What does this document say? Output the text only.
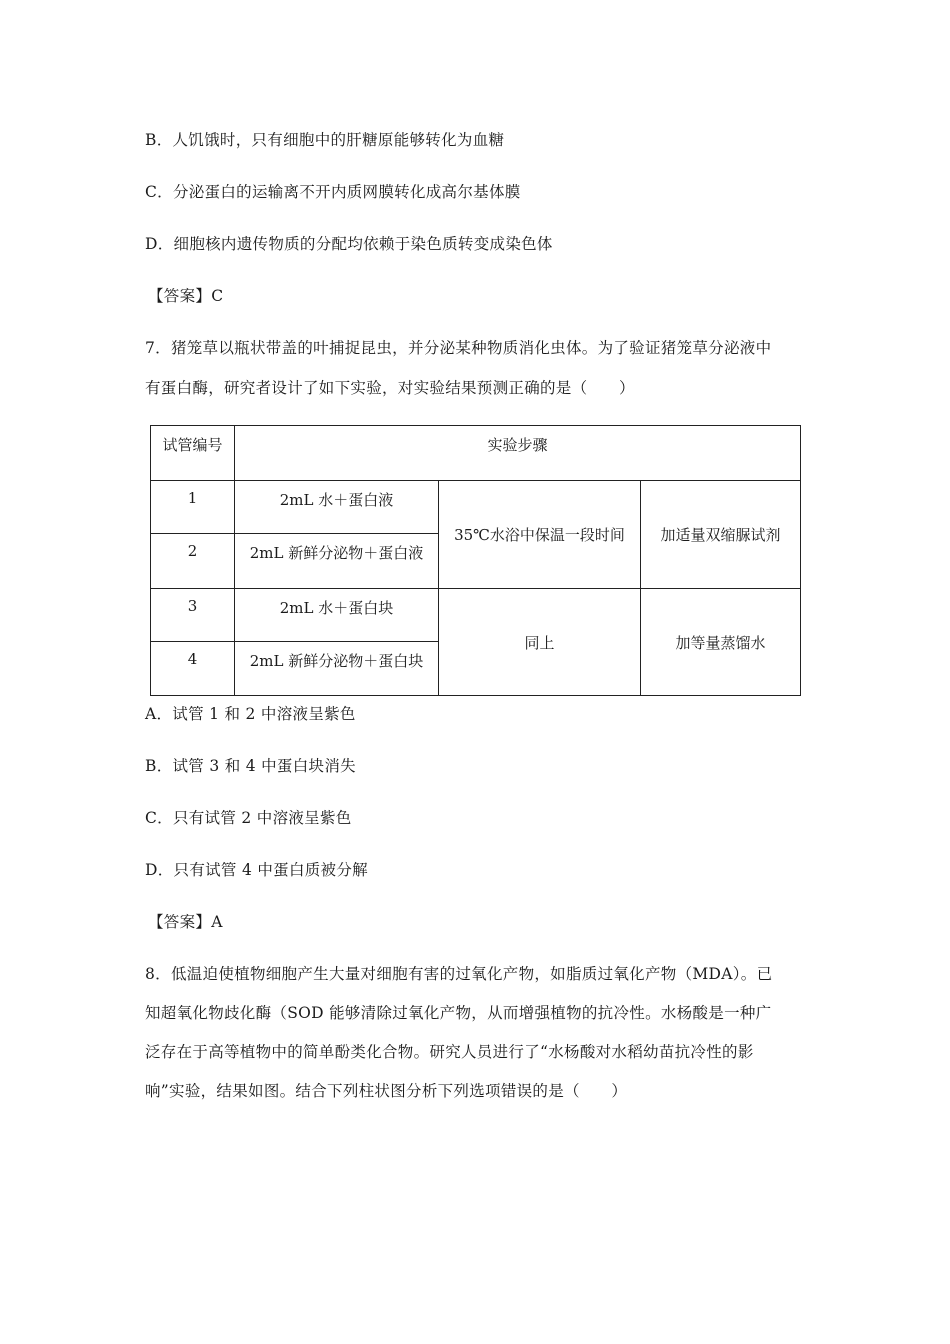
B．人饥饿时，只有细胞中的肝糖原能够转化为血糖
C．分泌蛋白的运输离不开内质网膜转化成高尔基体膜
D．细胞核内遗传物质的分配均依赖于染色质转变成染色体
【答案】C
7．猪笼草以瓶状带盖的叶捕捉昆虫，并分泌某种物质消化虫体。为了验证猪笼草分泌液中
有蛋白酶，研究者设计了如下实验，对实验结果预测正确的是（　　）
试管编号	实验步骤		
1	2mL 水＋蛋白液	35℃水浴中保温一段时间	加适量双缩脲试剂
2	2mL 新鲜分泌物＋蛋白液		
3	2mL 水＋蛋白块	同上	加等量蒸馏水
4	2mL 新鲜分泌物＋蛋白块		
A．试管 1 和 2 中溶液呈紫色
B．试管 3 和 4 中蛋白块消失
C．只有试管 2 中溶液呈紫色
D．只有试管 4 中蛋白质被分解
【答案】A
8．低温迫使植物细胞产生大量对细胞有害的过氧化产物，如脂质过氧化产物（MDA）。已
知超氧化物歧化酶（SOD 能够清除过氧化产物，从而增强植物的抗冷性。水杨酸是一种广
泛存在于高等植物中的简单酚类化合物。研究人员进行了“水杨酸对水稻幼苗抗冷性的影
响”实验，结果如图。结合下列柱状图分析下列选项错误的是（　　）
